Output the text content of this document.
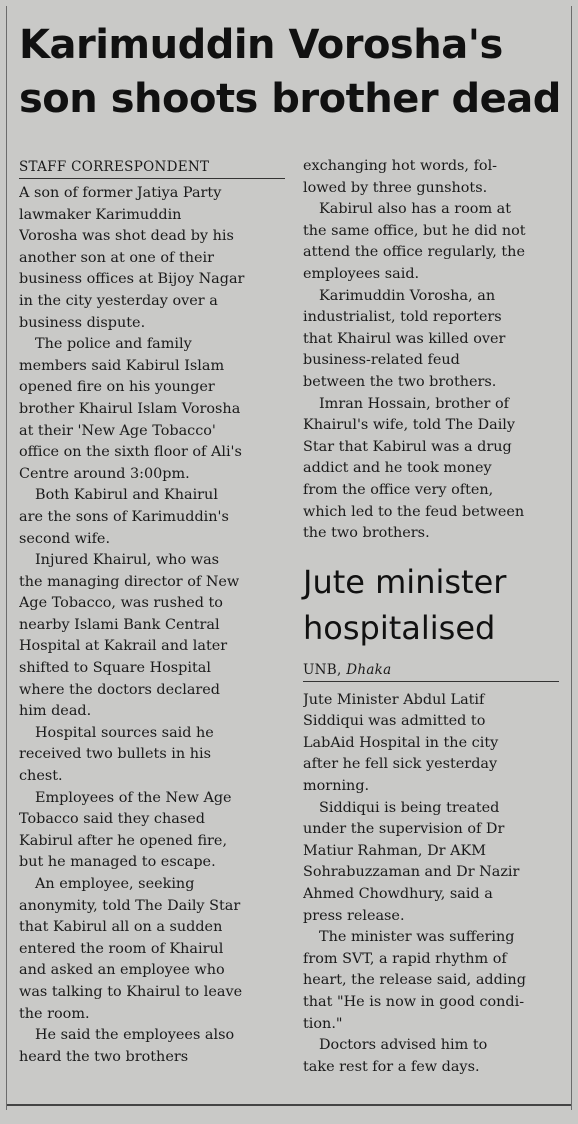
Karimuddin Vorosha's
son shoots brother dead
STAFF CORRESPONDENT
A son of former Jatiya Party
lawmaker Karimuddin
Vorosha was shot dead by his
another son at one of their
business offices at Bijoy Nagar
in the city yesterday over a
business dispute.
The police and family
members said Kabirul Islam
opened fire on his younger
brother Khairul Islam Vorosha
at their 'New Age Tobacco'
office on the sixth floor of Ali's
Centre around 3:00pm.
Both Kabirul and Khairul
are the sons of Karimuddin's
second wife.
Injured Khairul, who was
the managing director of New
Age Tobacco, was rushed to
nearby Islami Bank Central
Hospital at Kakrail and later
shifted to Square Hospital
where the doctors declared
him dead.
Hospital sources said he
received two bullets in his
chest.
Employees of the New Age
Tobacco said they chased
Kabirul after he opened fire,
but he managed to escape.
An employee, seeking
anonymity, told The Daily Star
that Kabirul all on a sudden
entered the room of Khairul
and asked an employee who
was talking to Khairul to leave
the room.
He said the employees also
heard the two brothers
exchanging hot words, fol-
lowed by three gunshots.
Kabirul also has a room at
the same office, but he did not
attend the office regularly, the
employees said.
Karimuddin Vorosha, an
industrialist, told reporters
that Khairul was killed over
business-related feud
between the two brothers.
Imran Hossain, brother of
Khairul's wife, told The Daily
Star that Kabirul was a drug
addict and he took money
from the office very often,
which led to the feud between
the two brothers.
Jute minister
hospitalised
UNB, Dhaka
Jute Minister Abdul Latif
Siddiqui was admitted to
LabAid Hospital in the city
after he fell sick yesterday
morning.
Siddiqui is being treated
under the supervision of Dr
Matiur Rahman, Dr AKM
Sohrabuzzaman and Dr Nazir
Ahmed Chowdhury, said a
press release.
The minister was suffering
from SVT, a rapid rhythm of
heart, the release said, adding
that "He is now in good condi-
tion."
Doctors advised him to
take rest for a few days.
